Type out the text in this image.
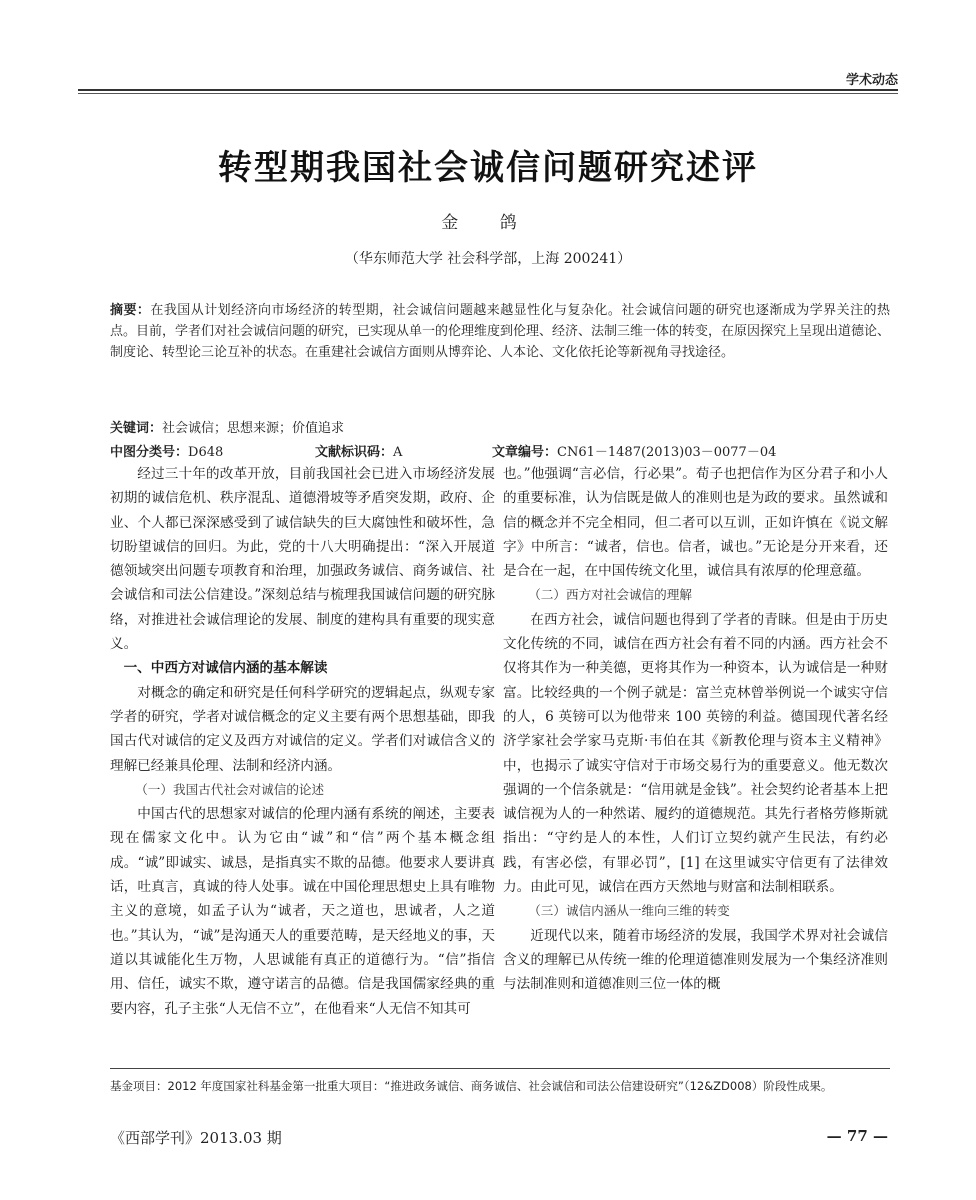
学术动态
转型期我国社会诚信问题研究述评
金 鸽
（华东师范大学 社会科学部，上海 200241）
摘要：在我国从计划经济向市场经济的转型期，社会诚信问题越来越显性化与复杂化。社会诚信问题的研究也逐渐成为学界关注的热点。目前，学者们对社会诚信问题的研究，已实现从单一的伦理维度到伦理、经济、法制三维一体的转变，在原因探究上呈现出道德论、制度论、转型论三论互补的状态。在重建社会诚信方面则从博弈论、人本论、文化依托论等新视角寻找途径。
关键词：社会诚信；思想来源；价值追求
中图分类号：D648	文献标识码：A	文章编号：CN61－1487(2013)03－0077－04

经过三十年的改革开放，目前我国社会已进入市场经济发展初期的诚信危机、秩序混乱、道德滑坡等矛盾突发期，政府、企业、个人都已深深感受到了诚信缺失的巨大腐蚀性和破坏性，急切盼望诚信的回归。为此，党的十八大明确提出：“深入开展道德领域突出问题专项教育和治理，加强政务诚信、商务诚信、社会诚信和司法公信建设。”深刻总结与梳理我国诚信问题的研究脉络，对推进社会诚信理论的发展、制度的建构具有重要的现实意义。

一、中西方对诚信内涵的基本解读

对概念的确定和研究是任何科学研究的逻辑起点，纵观专家学者的研究，学者对诚信概念的定义主要有两个思想基础，即我国古代对诚信的定义及西方对诚信的定义。学者们对诚信含义的理解已经兼具伦理、法制和经济内涵。

（一）我国古代社会对诚信的论述

中国古代的思想家对诚信的伦理内涵有系统的阐述，主要表现在儒家文化中。认为它由“诚”和“信”两个基本概念组成。“诚”即诚实、诚恳，是指真实不欺的品德。他要求人要讲真话，吐真言，真诚的待人处事。诚在中国伦理思想史上具有唯物主义的意境，如孟子认为“诚者，天之道也，思诚者，人之道也。”其认为，“诚”是沟通天人的重要范畴，是天经地义的事，天道以其诚能化生万物，人思诚能有真正的道德行为。“信”指信用、信任，诚实不欺，遵守诺言的品德。信是我国儒家经典的重要内容，孔子主张“人无信不立”，在他看来“人无信不知其可

也。”他强调“言必信，行必果”。荀子也把信作为区分君子和小人的重要标准，认为信既是做人的准则也是为政的要求。虽然诚和信的概念并不完全相同，但二者可以互训，正如许慎在《说文解字》中所言：“诚者，信也。信者，诚也。”无论是分开来看，还是合在一起，在中国传统文化里，诚信具有浓厚的伦理意蕴。

（二）西方对社会诚信的理解

在西方社会，诚信问题也得到了学者的青睐。但是由于历史文化传统的不同，诚信在西方社会有着不同的内涵。西方社会不仅将其作为一种美德，更将其作为一种资本，认为诚信是一种财富。比较经典的一个例子就是：富兰克林曾举例说一个诚实守信的人，6 英镑可以为他带来 100 英镑的利益。德国现代著名经济学家社会学家马克斯·韦伯在其《新教伦理与资本主义精神》中，也揭示了诚实守信对于市场交易行为的重要意义。他无数次强调的一个信条就是：“信用就是金钱”。社会契约论者基本上把诚信视为人的一种然诺、履约的道德规范。其先行者格劳修斯就指出：“守约是人的本性，人们订立契约就产生民法，有约必践，有害必偿，有罪必罚”，[1] 在这里诚实守信更有了法律效力。由此可见，诚信在西方天然地与财富和法制相联系。

（三）诚信内涵从一维向三维的转变

近现代以来，随着市场经济的发展，我国学术界对社会诚信含义的理解已从传统一维的伦理道德准则发展为一个集经济准则与法制准则和道德准则三位一体的概

基金项目：2012 年度国家社科基金第一批重大项目：“推进政务诚信、商务诚信、社会诚信和司法公信建设研究”（12&ZD008）阶段性成果。
《西部学刊》2013.03 期	— 77 —
